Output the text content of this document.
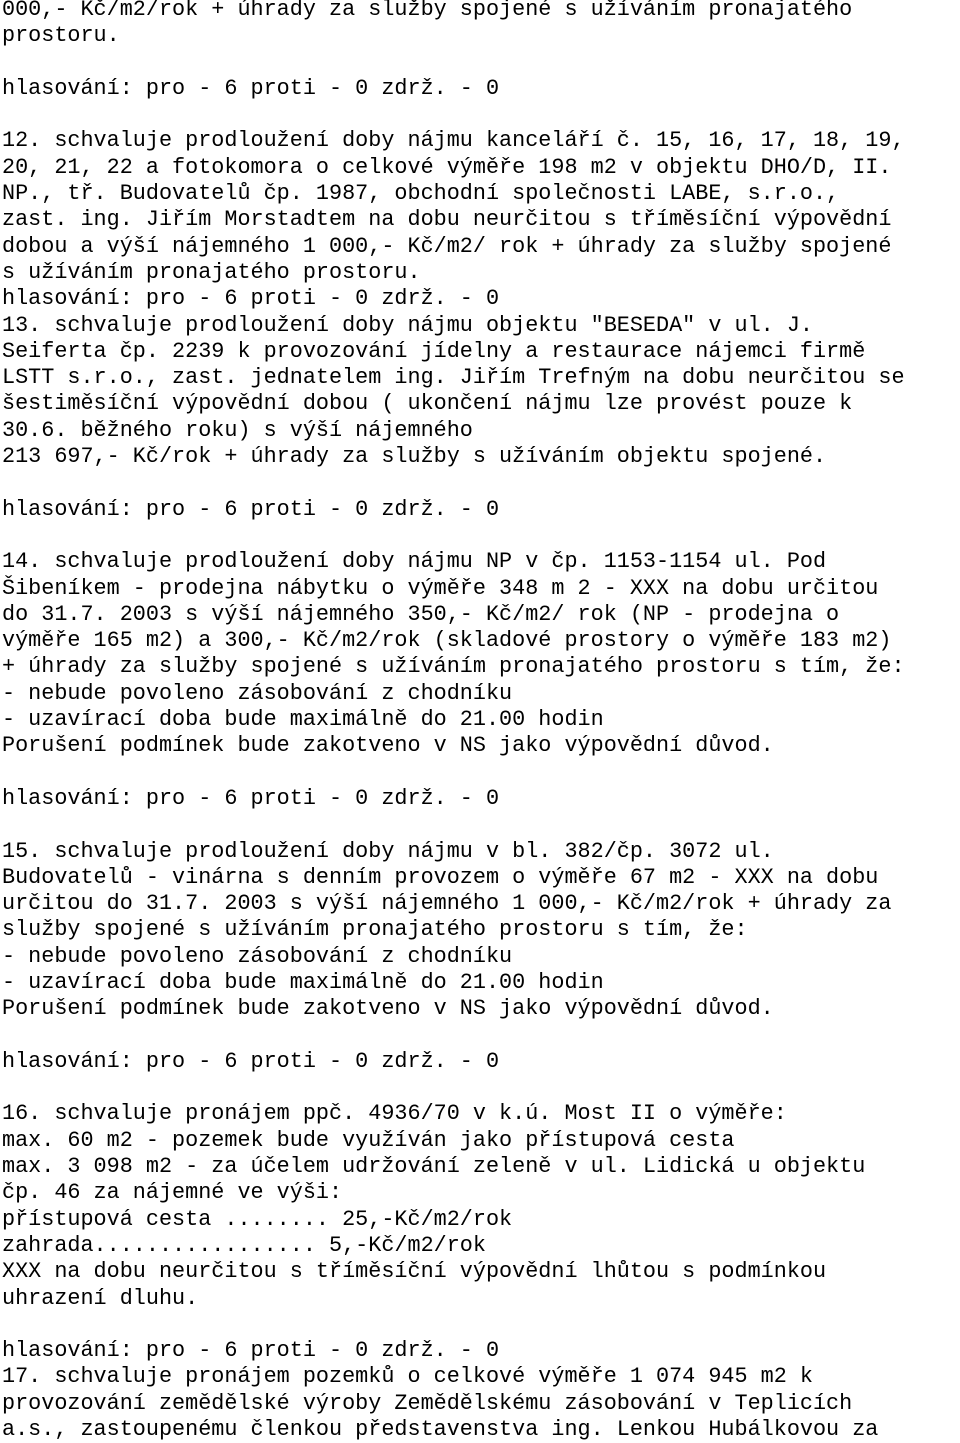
000,- Kč/m2/rok + úhrady za služby spojené s užíváním pronajatého
prostoru.
hlasování: pro - 6 proti - 0 zdrž. - 0
12. schvaluje prodloužení doby nájmu kanceláří č. 15, 16, 17, 18, 19,
20, 21, 22 a fotokomora o celkové výměře 198 m2 v objektu DHO/D, II.
NP., tř. Budovatelů čp. 1987, obchodní společnosti LABE, s.r.o.,
zast. ing. Jiřím Morstadtem na dobu neurčitou s tříměsíční výpovědní
dobou a výší nájemného 1 000,- Kč/m2/ rok + úhrady za služby spojené
s užíváním pronajatého prostoru.
hlasování: pro - 6 proti - 0 zdrž. - 0
13. schvaluje prodloužení doby nájmu objektu "BESEDA" v ul. J.
Seiferta čp. 2239 k provozování jídelny a restaurace nájemci firmě
LSTT s.r.o., zast. jednatelem ing. Jiřím Trefným na dobu neurčitou se
šestiměsíční výpovědní dobou ( ukončení nájmu lze provést pouze k
30.6. běžného roku) s výší nájemného
213 697,- Kč/rok + úhrady za služby s užíváním objektu spojené.
hlasování: pro - 6 proti - 0 zdrž. - 0
14. schvaluje prodloužení doby nájmu NP v čp. 1153-1154 ul. Pod
Šibeníkem - prodejna nábytku o výměře 348 m 2 - XXX na dobu určitou
do 31.7. 2003 s výší nájemného 350,- Kč/m2/ rok (NP - prodejna o
výměře 165 m2) a 300,- Kč/m2/rok (skladové prostory o výměře 183 m2)
+ úhrady za služby spojené s užíváním pronajatého prostoru s tím, že:
- nebude povoleno zásobování z chodníku
- uzavírací doba bude maximálně do 21.00 hodin
Porušení podmínek bude zakotveno v NS jako výpovědní důvod.
hlasování: pro - 6 proti - 0 zdrž. - 0
15. schvaluje prodloužení doby nájmu v bl. 382/čp. 3072 ul.
Budovatelů - vinárna s denním provozem o výměře 67 m2 - XXX na dobu
určitou do 31.7. 2003 s výší nájemného 1 000,- Kč/m2/rok + úhrady za
služby spojené s užíváním pronajatého prostoru s tím, že:
- nebude povoleno zásobování z chodníku
- uzavírací doba bude maximálně do 21.00 hodin
Porušení podmínek bude zakotveno v NS jako výpovědní důvod.
hlasování: pro - 6 proti - 0 zdrž. - 0
16. schvaluje pronájem ppč. 4936/70 v k.ú. Most II o výměře:
max. 60 m2 - pozemek bude využíván jako přístupová cesta
max. 3 098 m2 - za účelem udržování zeleně v ul. Lidická u objektu
čp. 46 za nájemné ve výši:
přístupová cesta ........ 25,-Kč/m2/rok
zahrada................. 5,-Kč/m2/rok
XXX na dobu neurčitou s tříměsíční výpovědní lhůtou s podmínkou
uhrazení dluhu.
hlasování: pro - 6 proti - 0 zdrž. - 0
17. schvaluje pronájem pozemků o celkové výměře 1 074 945 m2 k
provozování zemědělské výroby Zemědělskému zásobování v Teplicích
a.s., zastoupenému členkou představenstva ing. Lenkou Hubálkovou za
